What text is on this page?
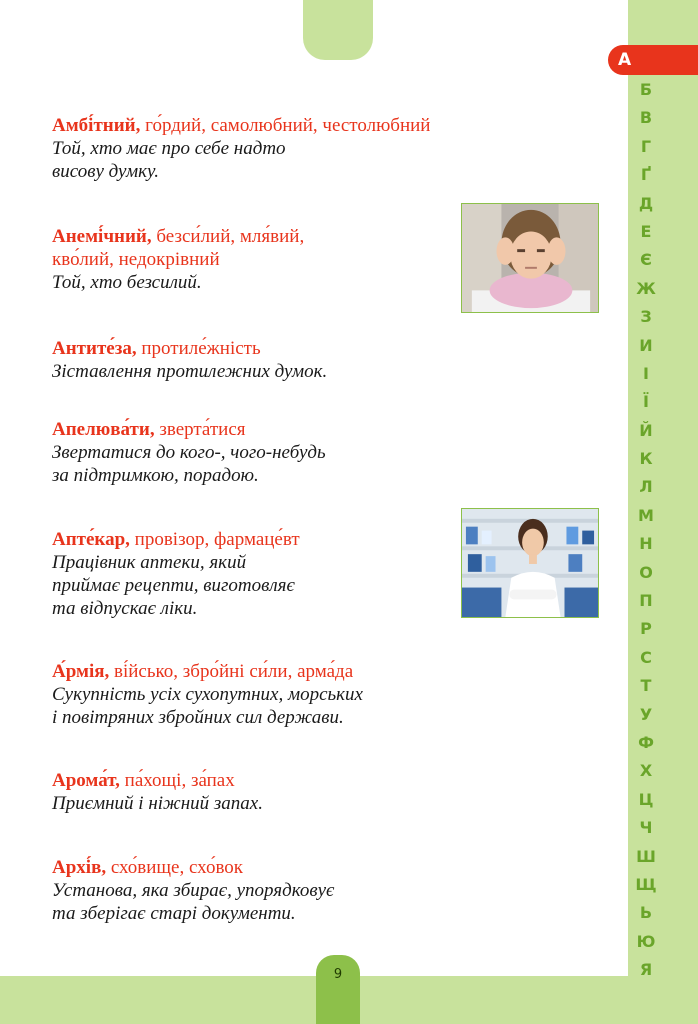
А
Б
В
Г
Ґ
Д
Е
Є
Ж
З
И
І
Ї
Й
К
Л
М
Н
О
П
Р
С
Т
У
Ф
Х
Ц
Ч
Ш
Щ
Ь
Ю
Я

Амбі́тний, го́рдий, самолюбний, честолюбний

Той, хто має про себе надто

висову думку.

Анемі́чний, безси́лий, мля́вий,

кво́лий, недокрівний

Той, хто безсилий.

Антите́за, протиле́жність

Зіставлення протилежних думок.

Апелюва́ти, зверта́тися

Звертатися до кого-, чого-небудь

за підтримкою, порадою.

Апте́кар, провізор, фармаце́вт

Працівник аптеки, який

приймає рецепти, виготовляє

та відпускає ліки.

А́рмія, ві́йсько, збро́йні си́ли, арма́да

Сукупність усіх сухопутних, морських

і повітряних збройних сил держави.

Арома́т, па́хощі, за́пах

Приємний і ніжний запах.

Архі́в, схо́вище, схо́вок

Установа, яка збирає, упорядковує

та зберігає старі документи.

9
